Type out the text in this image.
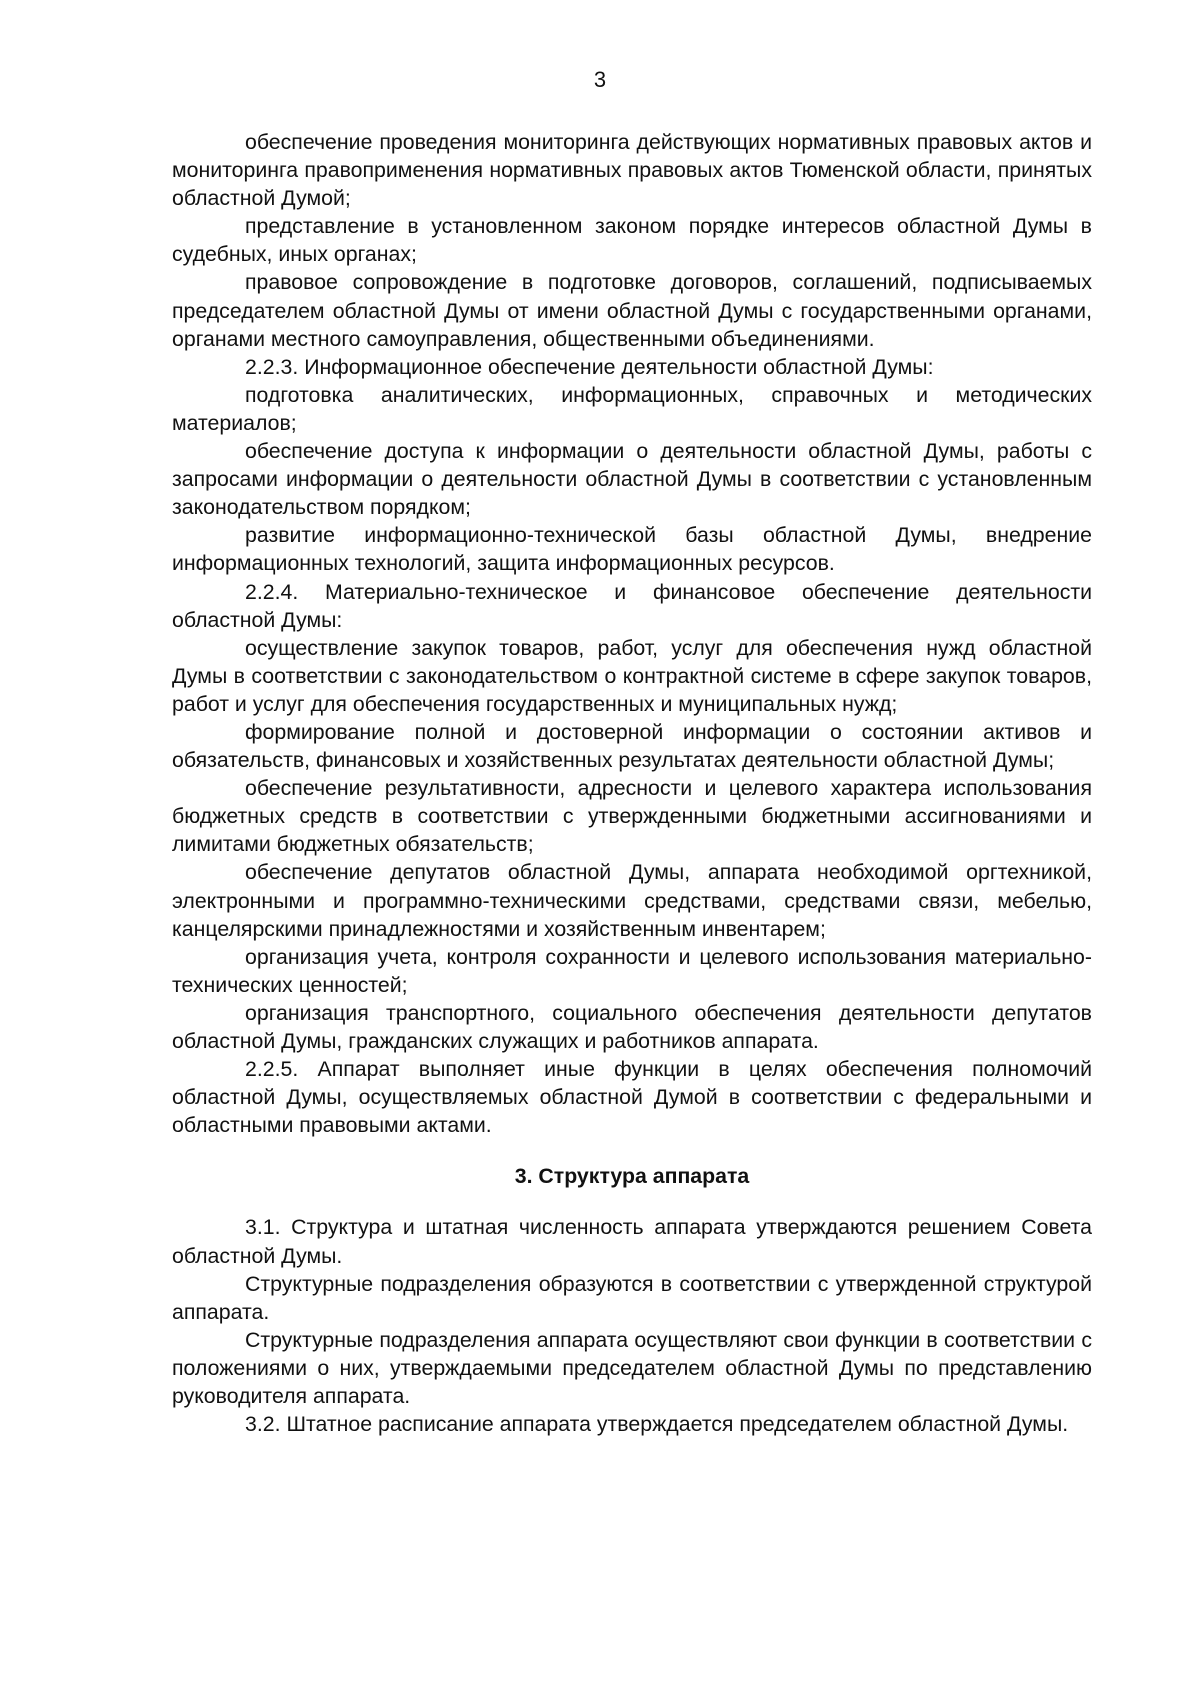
3

обеспечение проведения мониторинга действующих нормативных правовых актов и мониторинга правоприменения нормативных правовых актов Тюменской области, принятых областной Думой;

представление в установленном законом порядке интересов областной Думы в судебных, иных органах;

правовое сопровождение в подготовке договоров, соглашений, подписываемых председателем областной Думы от имени областной Думы с государственными органами, органами местного самоуправления, общественными объединениями.

2.2.3. Информационное обеспечение деятельности областной Думы:

подготовка аналитических, информационных, справочных и методических материалов;

обеспечение доступа к информации о деятельности областной Думы, работы с запросами информации о деятельности областной Думы в соответствии с установленным законодательством порядком;

развитие информационно-технической базы областной Думы, внедрение информационных технологий, защита информационных ресурсов.

2.2.4. Материально-техническое и финансовое обеспечение деятельности областной Думы:

осуществление закупок товаров, работ, услуг для обеспечения нужд областной Думы в соответствии с законодательством о контрактной системе в сфере закупок товаров, работ и услуг для обеспечения государственных и муниципальных нужд;

формирование полной и достоверной информации о состоянии активов и обязательств, финансовых и хозяйственных результатах деятельности областной Думы;

обеспечение результативности, адресности и целевого характера использования бюджетных средств в соответствии с утвержденными бюджетными ассигнованиями и лимитами бюджетных обязательств;

обеспечение депутатов областной Думы, аппарата необходимой оргтехникой, электронными и программно-техническими средствами, средствами связи, мебелью, канцелярскими принадлежностями и хозяйственным инвентарем;

организация учета, контроля сохранности и целевого использования материально-технических ценностей;

организация транспортного, социального обеспечения деятельности депутатов областной Думы, гражданских служащих и работников аппарата.

2.2.5. Аппарат выполняет иные функции в целях обеспечения полномочий областной Думы, осуществляемых областной Думой в соответствии с федеральными и областными правовыми актами.

3. Структура аппарата

3.1. Структура и штатная численность аппарата утверждаются решением Совета областной Думы.

Структурные подразделения образуются в соответствии с утвержденной структурой аппарата.

Структурные подразделения аппарата осуществляют свои функции в соответствии с положениями о них, утверждаемыми председателем областной Думы по представлению руководителя аппарата.

3.2. Штатное расписание аппарата утверждается председателем областной Думы.
